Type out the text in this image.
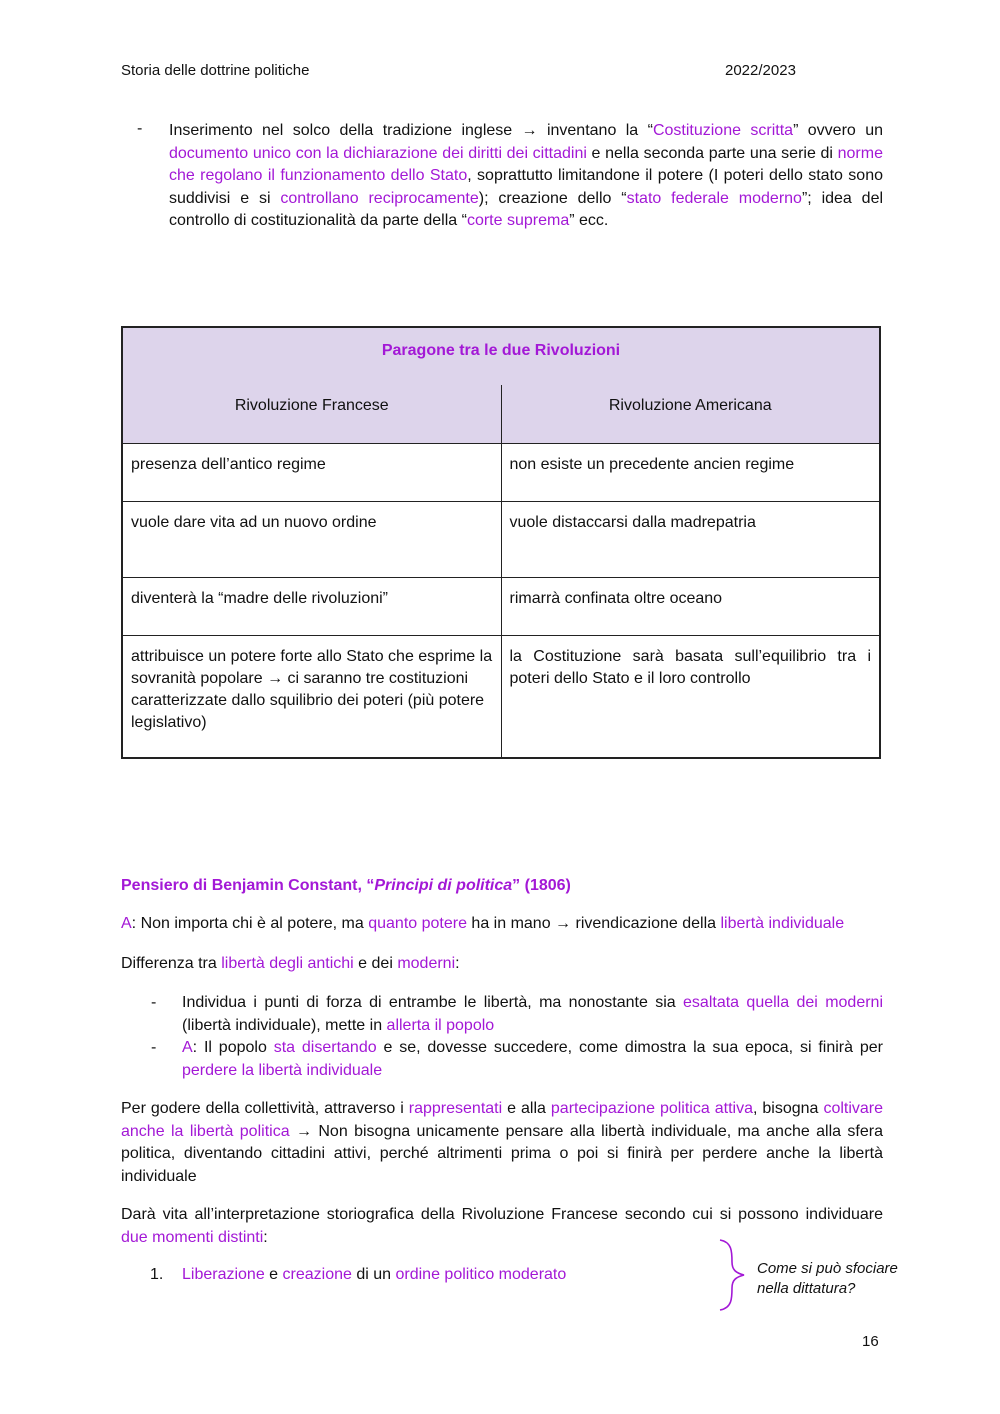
Storia delle dottrine politiche	2022/2023
- Inserimento nel solco della tradizione inglese → inventano la “Costituzione scritta” ovvero un documento unico con la dichiarazione dei diritti dei cittadini e nella seconda parte una serie di norme che regolano il funzionamento dello Stato, soprattutto limitandone il potere (I poteri dello stato sono suddivisi e si controllano reciprocamente); creazione dello “stato federale moderno”; idea del controllo di costituzionalità da parte della “corte suprema” ecc.

Paragone tra le due Rivoluzioni	
Rivoluzione Francese	Rivoluzione Americana
presenza dell’antico regime	non esiste un precedente ancien regime
vuole dare vita ad un nuovo ordine	vuole distaccarsi dalla madrepatria
diventerà la “madre delle rivoluzioni”	rimarrà confinata oltre oceano
attribuisce un potere forte allo Stato che esprime la sovranità popolare → ci saranno tre costituzioni caratterizzate dallo squilibrio dei poteri (più potere legislativo)	la Costituzione sarà basata sull’equilibrio tra i poteri dello Stato e il loro controllo
Pensiero di Benjamin Constant, “Principi di politica” (1806)

A: Non importa chi è al potere, ma quanto potere ha in mano → rivendicazione della libertà individuale

Differenza tra libertà degli antichi e dei moderni:

- Individua i punti di forza di entrambe le libertà, ma nonostante sia esaltata quella dei moderni (libertà individuale), mette in allerta il popolo
- A: Il popolo sta disertando e se, dovesse succedere, come dimostra la sua epoca, si finirà per perdere la libertà individuale

Per godere della collettività, attraverso i rappresentati e alla partecipazione politica attiva, bisogna coltivare anche la libertà politica → Non bisogna unicamente pensare alla libertà individuale, ma anche alla sfera politica, diventando cittadini attivi, perché altrimenti prima o poi si finirà per perdere anche la libertà individuale

Darà vita all’interpretazione storiografica della Rivoluzione Francese secondo cui si possono individuare due momenti distinti:

1. Liberazione e creazione di un ordine politico moderato	Come si può sfociare
nella dittatura?
16
